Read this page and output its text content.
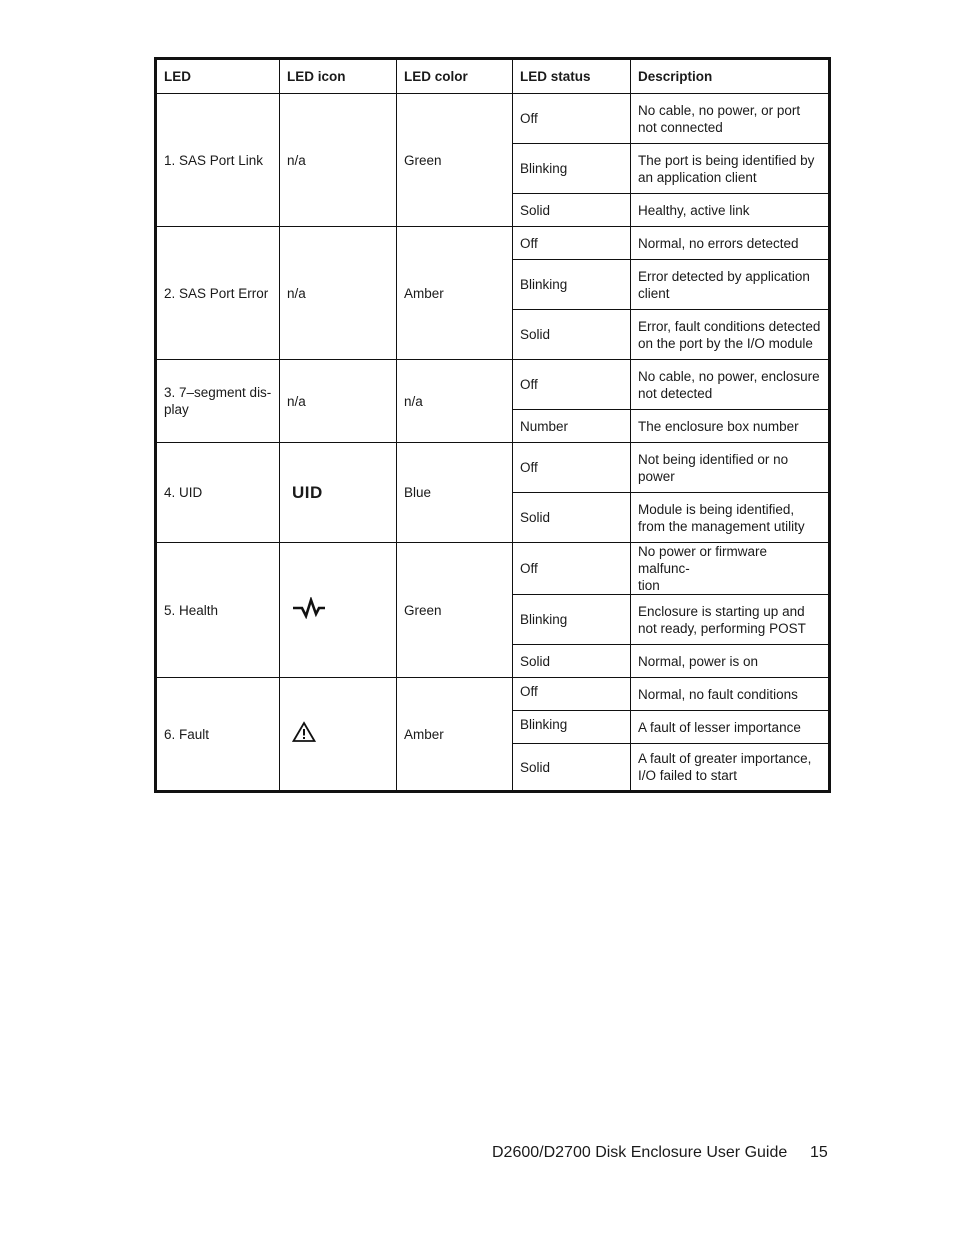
LED	LED icon	LED color	LED status	Description
1. SAS Port Link	n/a	Green	Off	No cable, no power, or port not connected
			Blinking	The port is being identified by an application client
			Solid	Healthy, active link
2. SAS Port Error	n/a	Amber	Off	Normal, no errors detected
			Blinking	Error detected by application client
			Solid	Error, fault conditions detected on the port by the I/O module
3. 7–segment dis-
play	n/a	n/a	Off	No cable, no power, enclosure not detected
			Number	The enclosure box number
4. UID	UID	Blue	Off	Not being identified or no power
			Solid	Module is being identified, from the management utility
5. Health		Green	Off	No power or firmware malfunc-
tion
			Blinking	Enclosure is starting up and not ready, performing POST
			Solid	Normal, power is on
6. Fault		Amber	Off	Normal, no fault conditions
			Blinking	A fault of lesser importance
			Solid	A fault of greater importance, I/O failed to start
D2600/D2700 Disk Enclosure User Guide 15
